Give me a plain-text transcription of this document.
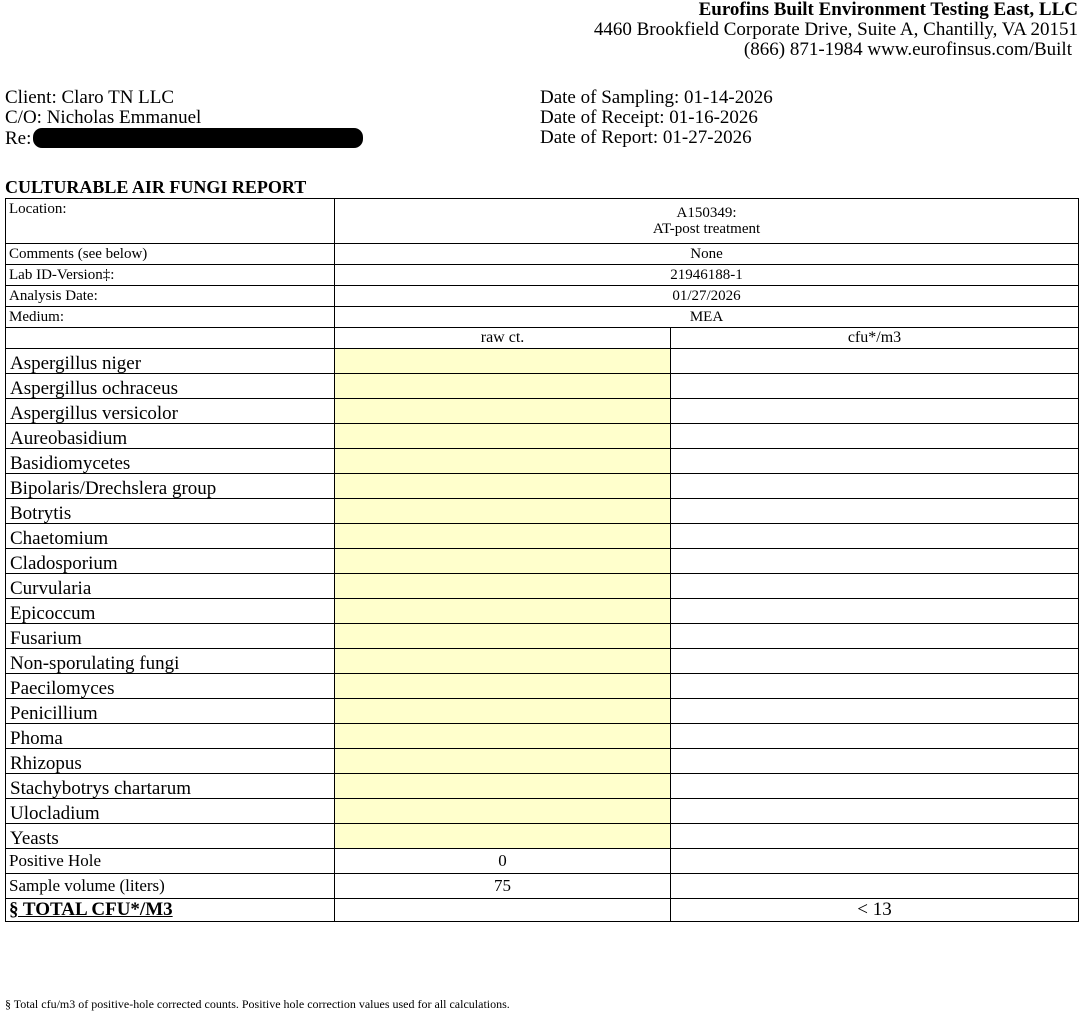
Eurofins Built Environment Testing East, LLC
4460 Brookfield Corporate Drive, Suite A, Chantilly, VA 20151
(866) 871-1984 www.eurofinsus.com/Built
Client: Claro TN LLC
C/O: Nicholas Emmanuel
Re:
Date of Sampling: 01-14-2026
Date of Receipt: 01-16-2026
Date of Report: 01-27-2026
CULTURABLE AIR FUNGI REPORT
Location:	A150349:
AT-post treatment	

Comments (see below)	None	
Lab ID-Version‡:	21946188-1	
Analysis Date:	01/27/2026	
Medium:	MEA	
	raw ct.	cfu*/m3
Aspergillus niger		
Aspergillus ochraceus		
Aspergillus versicolor		
Aureobasidium		
Basidiomycetes		
Bipolaris/Drechslera group		
Botrytis		
Chaetomium		
Cladosporium		
Curvularia		
Epicoccum		
Fusarium		
Non-sporulating fungi		
Paecilomyces		
Penicillium		
Phoma		
Rhizopus		
Stachybotrys chartarum		
Ulocladium		
Yeasts		
Positive Hole	0	
Sample volume (liters)	75	
§ TOTAL CFU*/M3		< 13
§ Total cfu/m3 of positive-hole corrected counts. Positive hole correction values used for all calculations.
